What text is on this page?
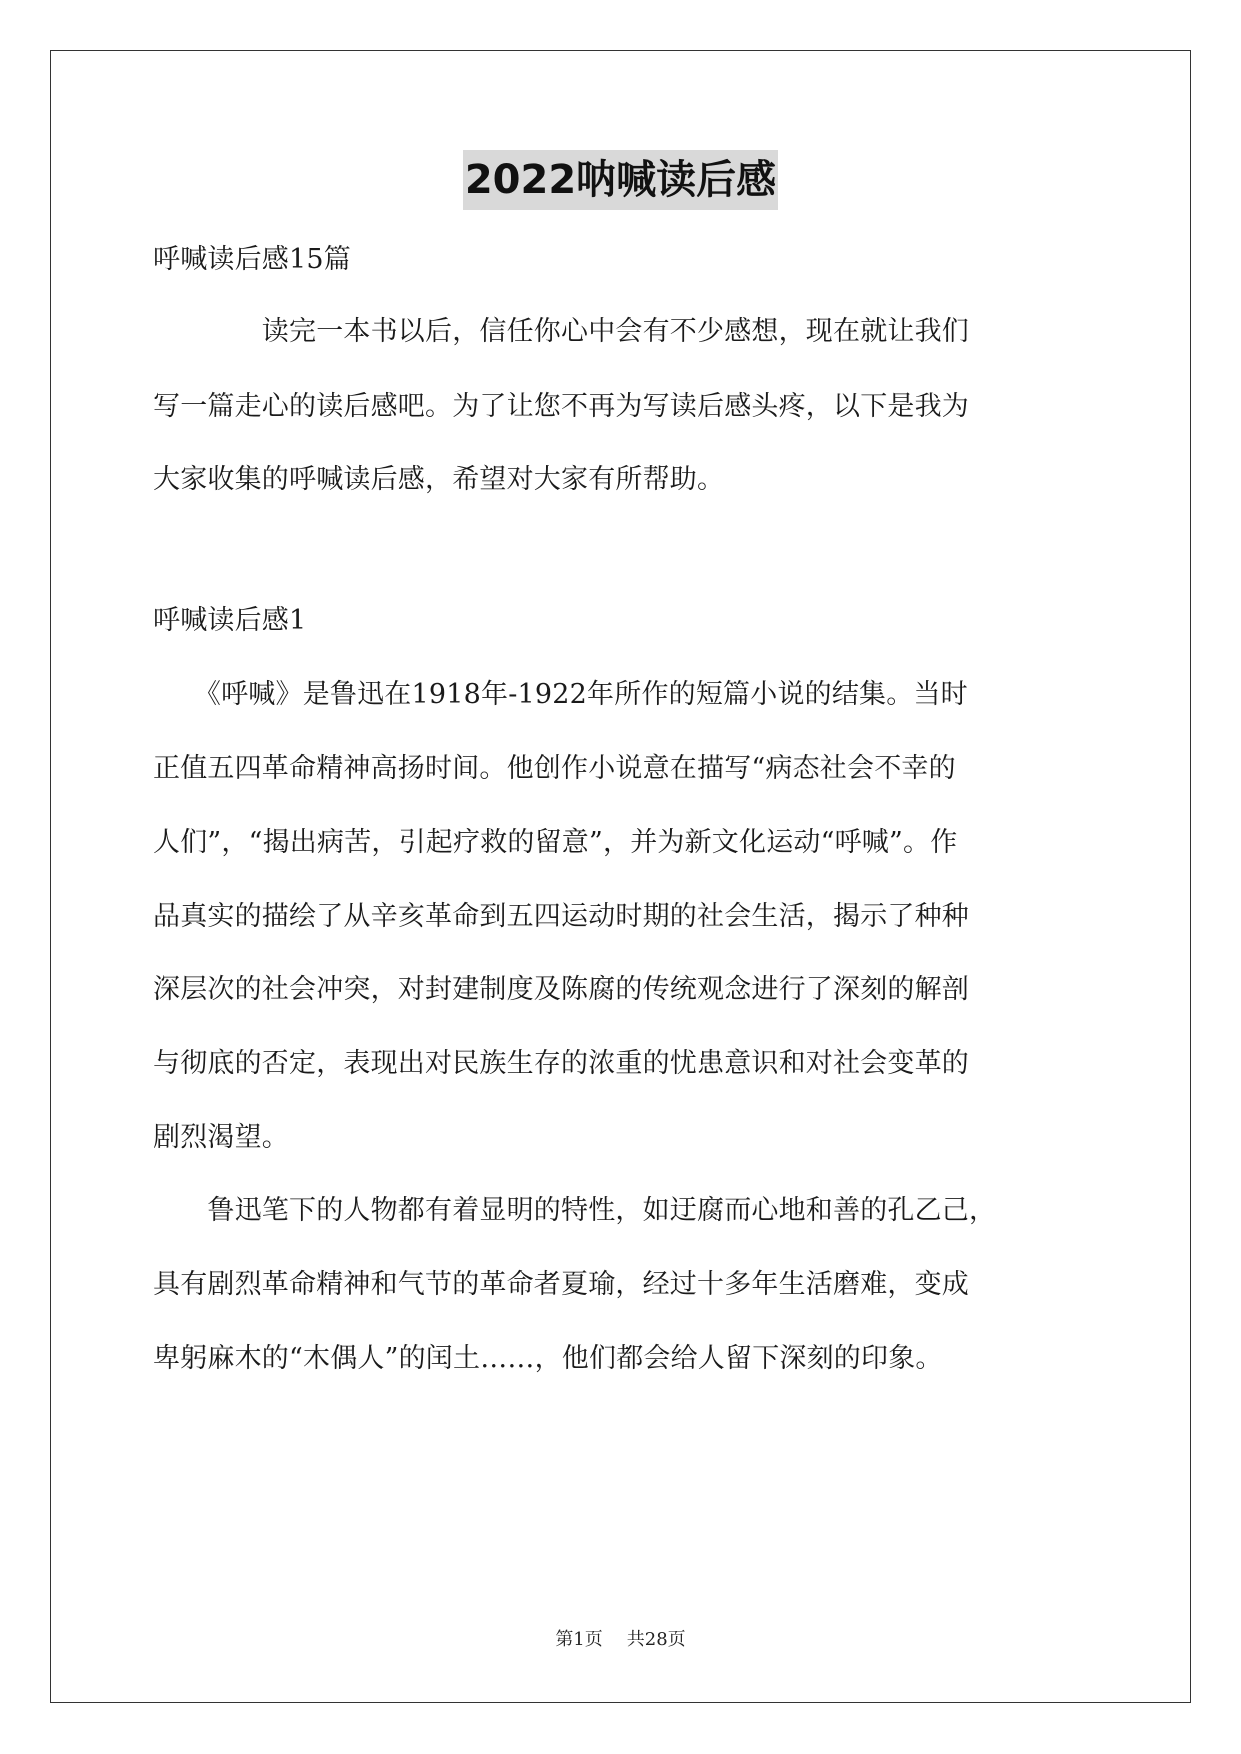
2022呐喊读后感
呼喊读后感15篇
　　　　读完一本书以后，信任你心中会有不少感想，现在就让我们
写一篇走心的读后感吧。为了让您不再为写读后感头疼，以下是我为
大家收集的呼喊读后感，希望对大家有所帮助。
呼喊读后感1
　　《呼喊》是鲁迅在1918年-1922年所作的短篇小说的结集。当时
正值五四革命精神高扬时间。他创作小说意在描写“病态社会不幸的
人们”，“揭出病苦，引起疗救的留意”，并为新文化运动“呼喊”。作
品真实的描绘了从辛亥革命到五四运动时期的社会生活，揭示了种种
深层次的社会冲突，对封建制度及陈腐的传统观念进行了深刻的解剖
与彻底的否定，表现出对民族生存的浓重的忧患意识和对社会变革的
剧烈渴望。
　　鲁迅笔下的人物都有着显明的特性，如迂腐而心地和善的孔乙己，
具有剧烈革命精神和气节的革命者夏瑜，经过十多年生活磨难，变成
卑躬麻木的“木偶人”的闰土……，他们都会给人留下深刻的印象。
第1页 共28页
